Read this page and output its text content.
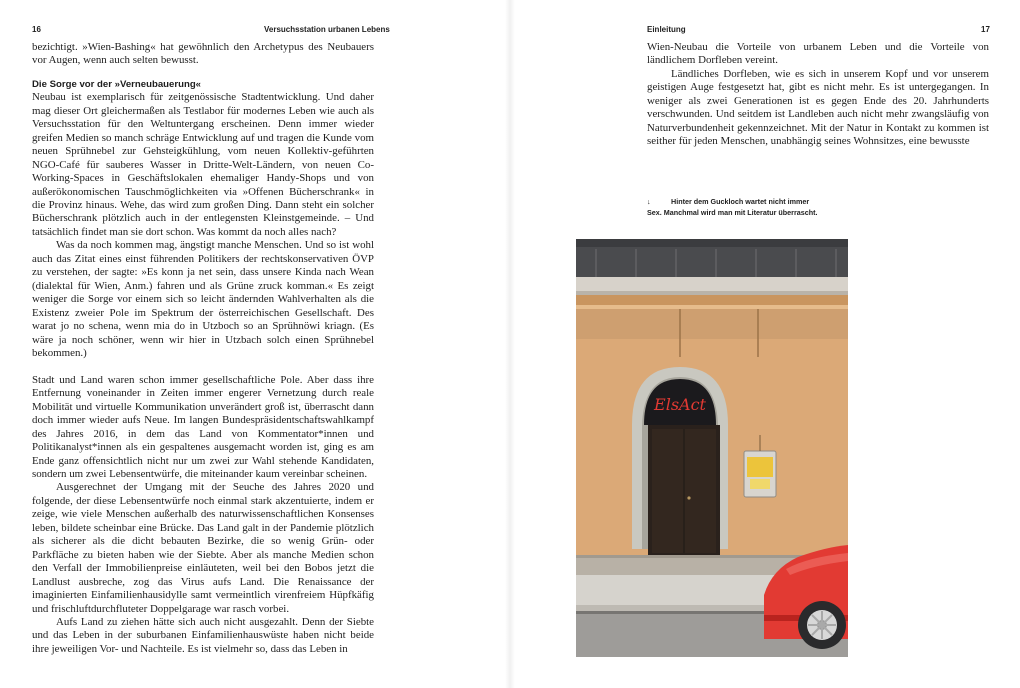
16	Versuchsstation urbanen Lebens

bezichtigt. »Wien-Bashing« hat gewöhnlich den Archetypus des Neubauers vor Augen, wenn auch selten bewusst.

Die Sorge vor der »Verneubauerung«

Neubau ist exemplarisch für zeitgenössische Stadtentwicklung. Und daher mag dieser Ort gleichermaßen als Testlabor für modernes Leben wie auch als Versuchsstation für den Weltuntergang erscheinen. Denn immer wieder greifen Medien so manch schräge Entwicklung auf und tragen die Kunde vom neuen Sprühnebel zur Gehsteigkühlung, vom neuen Kollektiv-geführten NGO-Café für sauberes Wasser in Dritte-Welt-Ländern, von neuen Co-Working-Spaces in Geschäftslokalen ehemaliger Handy-Shops und von außerökonomischen Tauschmöglichkeiten via »Offenen Bücherschrank« in die Provinz hinaus. Wehe, das wird zum großen Ding. Dann steht ein solcher Bücherschrank plötzlich auch in der entlegensten Kleinstgemeinde. – Und tatsächlich findet man sie dort schon. Was kommt da noch alles nach?

Was da noch kommen mag, ängstigt manche Menschen. Und so ist wohl auch das Zitat eines einst führenden Politikers der rechtskonservativen ÖVP zu verstehen, der sagte: »Es konn ja net sein, dass unsere Kinda nach Wean (dialektal für Wien, Anm.) fahren und als Grüne zruck komman.« Es zeigt weniger die Sorge vor einem sich so leicht ändernden Wahlverhalten als die Existenz zweier Pole im Spektrum der österreichischen Gesellschaft. Des warat jo no schena, wenn mia do in Utzboch so an Sprühnöwi kriagn. (Es wäre ja noch schöner, wenn wir hier in Utzbach solch einen Sprühnebel bekommen.)

Stadt und Land waren schon immer gesellschaftliche Pole. Aber dass ihre Entfernung voneinander in Zeiten immer engerer Vernetzung durch reale Mobilität und virtuelle Kommunikation unverändert groß ist, überrascht dann doch immer wieder aufs Neue. Im langen Bundespräsidentschaftswahlkampf des Jahres 2016, in dem das Land von Kommentator*innen und Politikanalyst*innen als ein gespaltenes ausgemacht worden ist, ging es am Ende ganz offensichtlich nicht nur um zwei zur Wahl stehende Kandidaten, sondern um zwei Lebensentwürfe, die miteinander kaum vereinbar scheinen.

Ausgerechnet der Umgang mit der Seuche des Jahres 2020 und folgende, der diese Lebensentwürfe noch einmal stark akzentuierte, indem er zeige, wie viele Menschen außerhalb des naturwissenschaftlichen Konsenses leben, bildete scheinbar eine Brücke. Das Land galt in der Pandemie plötzlich als sicherer als die dicht bebauten Bezirke, die so wenig Grün- oder Parkfläche zu bieten haben wie der Siebte. Aber als manche Medien schon den Verfall der Immobilienpreise einläuteten, weil bei den Bobos jetzt die Landlust ausbreche, zog das Virus aufs Land. Die Renaissance der imaginierten Einfamilienhausidylle samt vermeintlich virenfreiem Hüpfkäfig und frischluftdurchfluteter Doppelgarage war rasch vorbei.

Aufs Land zu ziehen hätte sich auch nicht ausgezahlt. Denn der Siebte und das Leben in der suburbanen Einfamilienhauswüste haben nicht beide ihre jeweiligen Vor- und Nachteile. Es ist vielmehr so, dass das Leben in

Einleitung	17

Wien-Neubau die Vorteile von urbanem Leben und die Vorteile von ländlichem Dorfleben vereint.

Ländliches Dorfleben, wie es sich in unserem Kopf und vor unserem geistigen Auge festgesetzt hat, gibt es nicht mehr. Es ist untergegangen. In weniger als zwei Generationen ist es gegen Ende des 20. Jahrhunderts verschwunden. Und seitdem ist Landleben auch nicht mehr zwangsläufig von Naturverbundenheit gekennzeichnet. Mit der Natur in Kontakt zu kommen ist seither für jeden Menschen, unabhängig seines Wohnsitzes, eine bewusste

↓	Hinter dem Guckloch wartet nicht immer Sex. Manchmal wird man mit Literatur überrascht.
ElsAct
